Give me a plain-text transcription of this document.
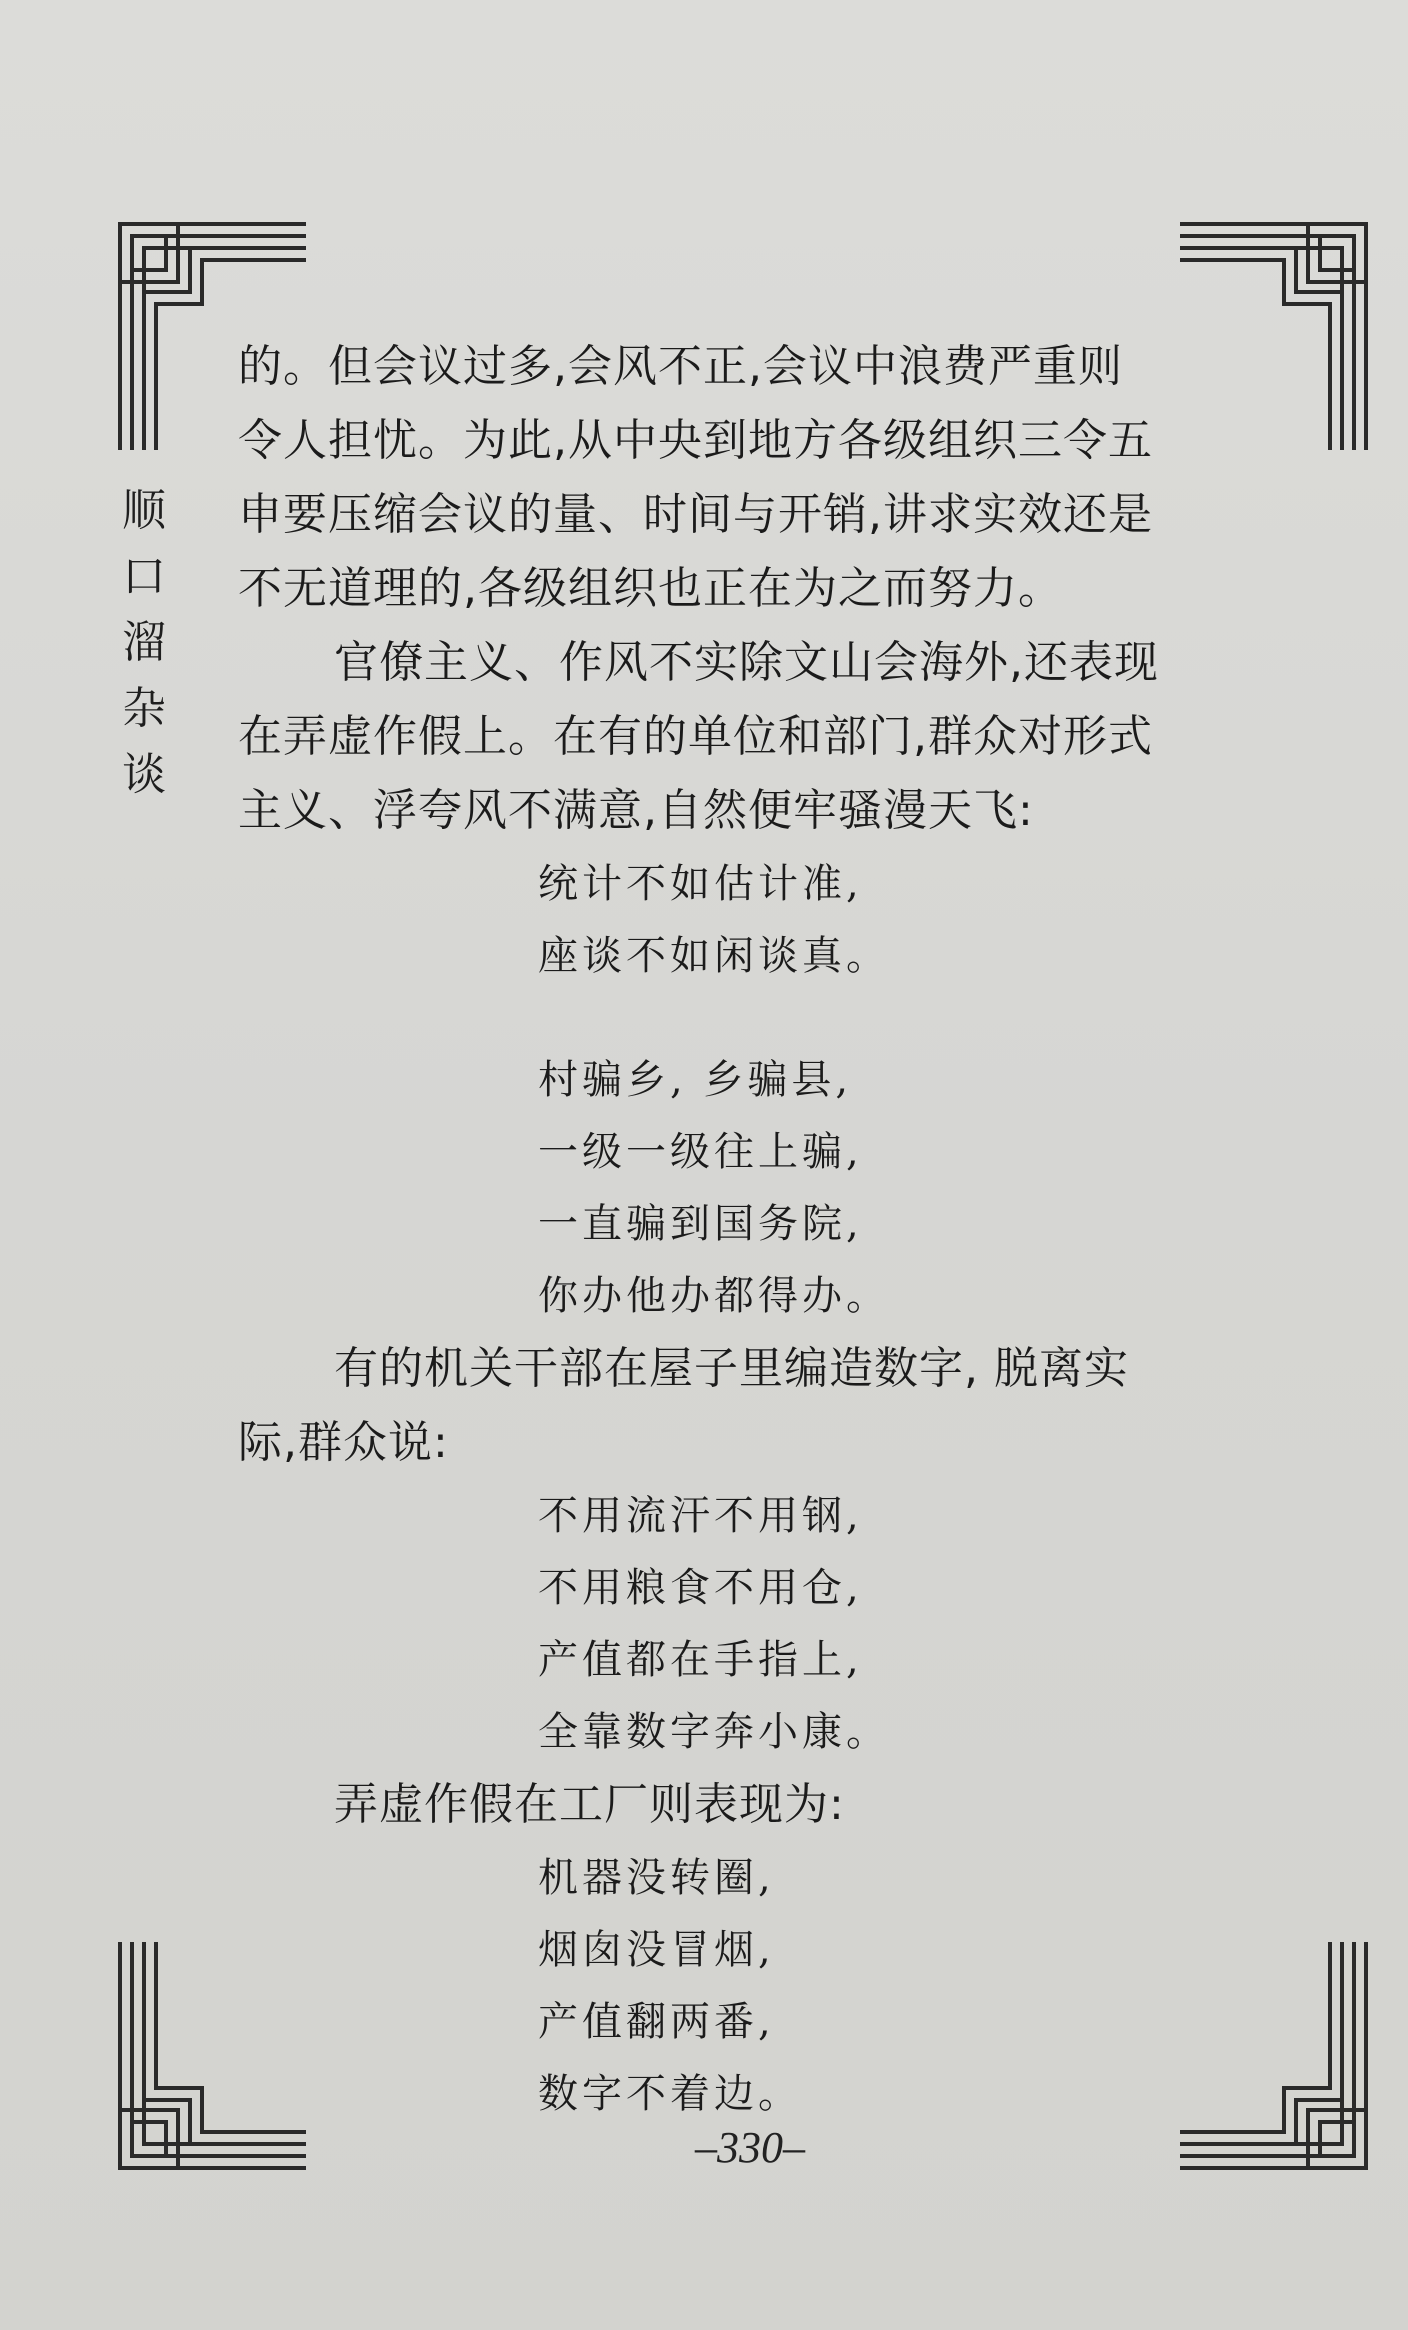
顺
口
溜
杂
谈

的。但会议过多,会风不正,会议中浪费严重则
令人担忧。为此,从中央到地方各级组织三令五
申要压缩会议的量、时间与开销,讲求实效还是
不无道理的,各级组织也正在为之而努力。

官僚主义、作风不实除文山会海外,还表现
在弄虚作假上。在有的单位和部门,群众对形式
主义、浮夸风不满意,自然便牢骚漫天飞:

统计不如估计准,
座谈不如闲谈真。
村骗乡, 乡骗县,
一级一级往上骗,
一直骗到国务院,
你办他办都得办。

有的机关干部在屋子里编造数字, 脱离实
际,群众说:

不用流汗不用钢,
不用粮食不用仓,
产值都在手指上,
全靠数字奔小康。

弄虚作假在工厂则表现为:

机器没转圈,
烟囱没冒烟,
产值翻两番,
数字不着边。
–330–
